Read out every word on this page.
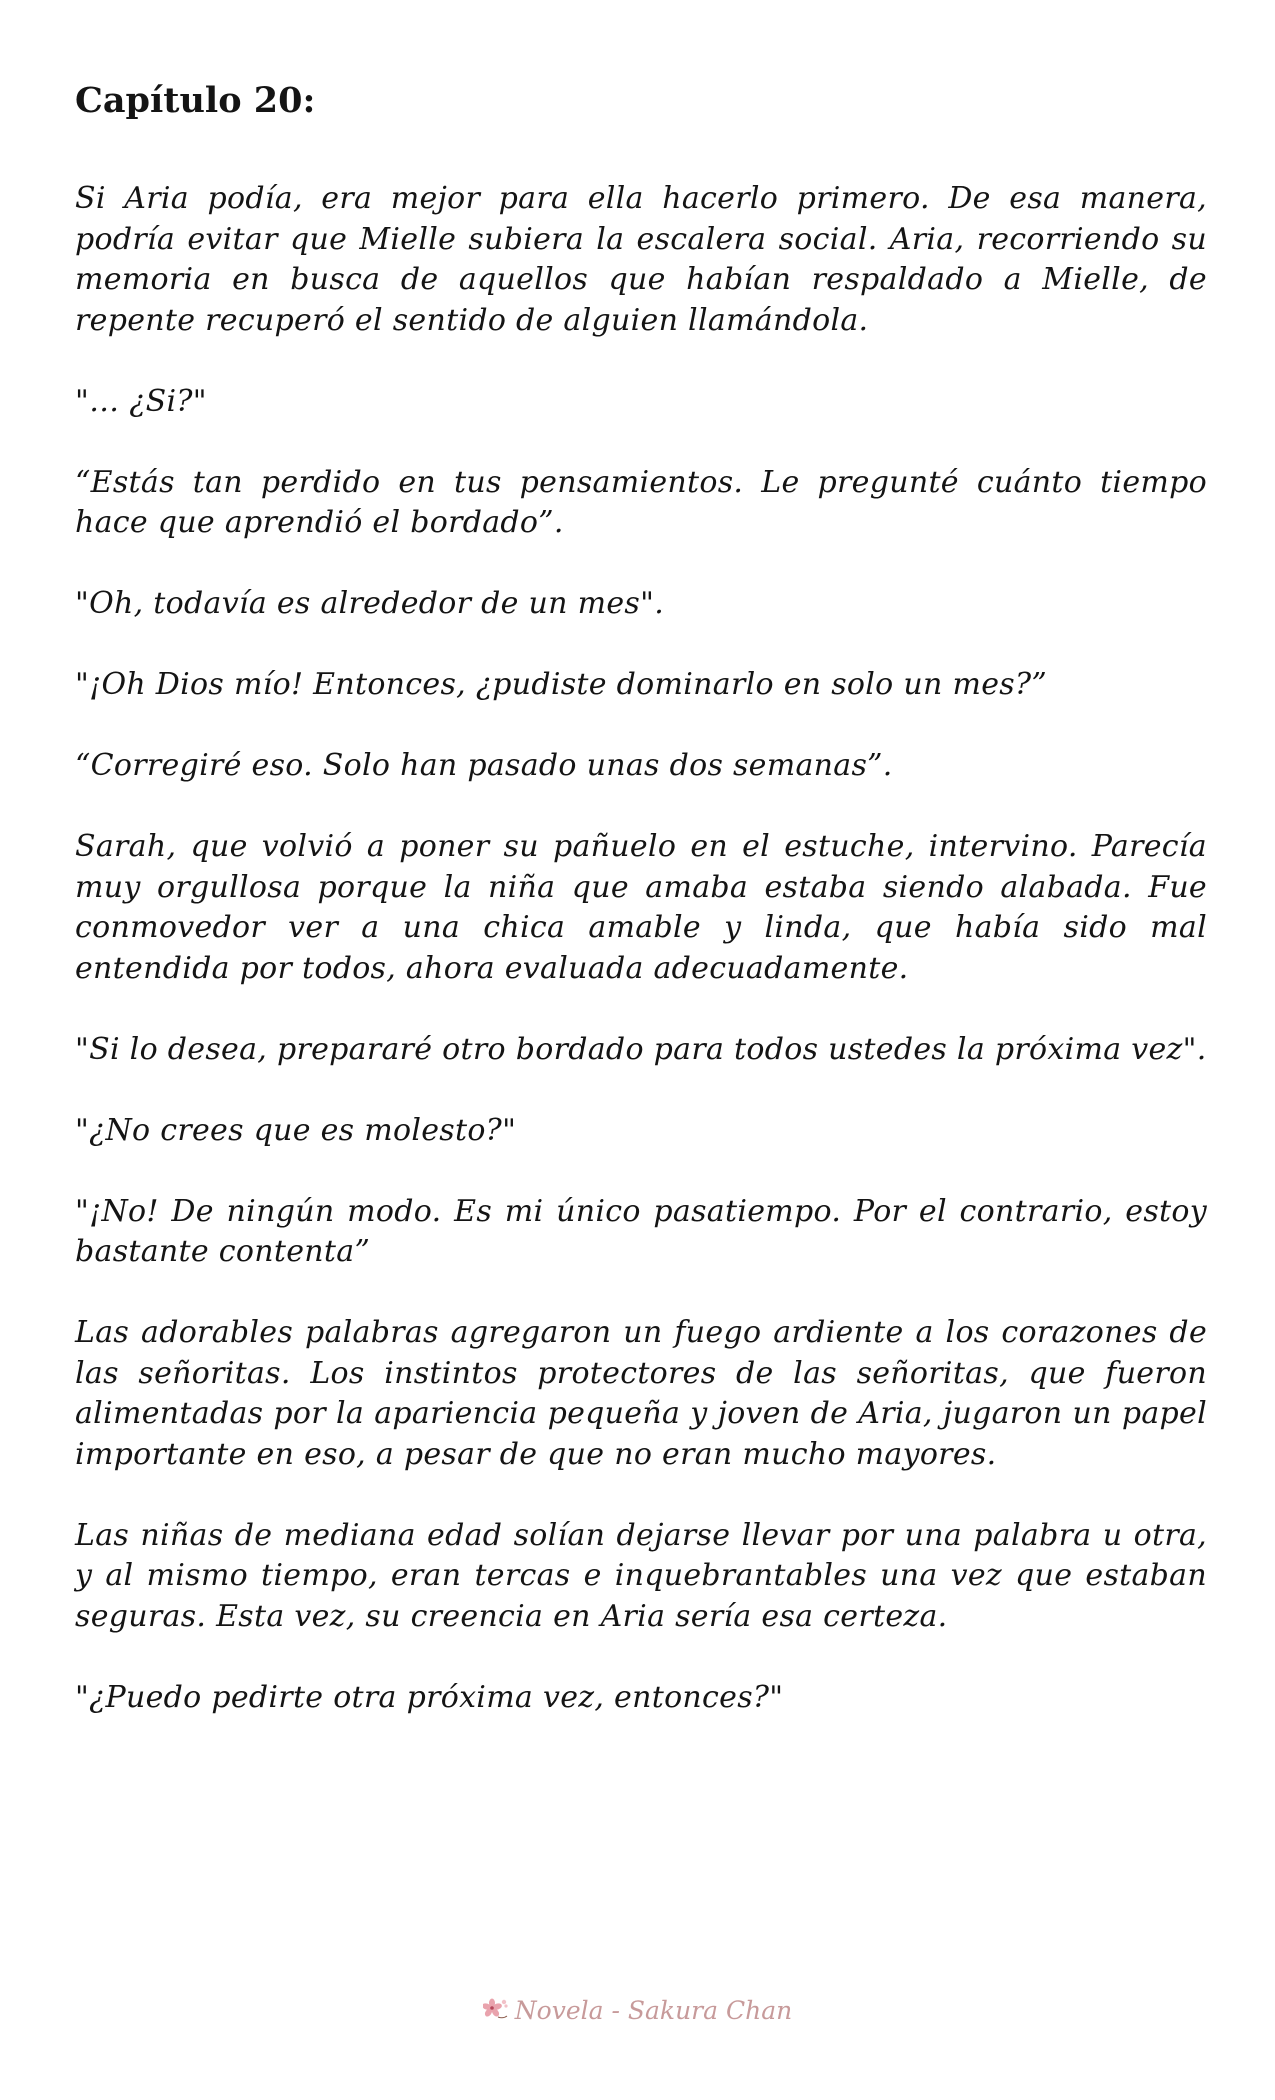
Capítulo 20:

Si Aria podía, era mejor para ella hacerlo primero. De esa manera, podría evitar que Mielle subiera la escalera social. Aria, recorriendo su memoria en busca de aquellos que habían respaldado a Mielle, de repente recuperó el sentido de alguien llamándola.

"… ¿Si?"

“Estás tan perdido en tus pensamientos. Le pregunté cuánto tiempo hace que aprendió el bordado”.

"Oh, todavía es alrededor de un mes".

"¡Oh Dios mío! Entonces, ¿pudiste dominarlo en solo un mes?”

“Corregiré eso. Solo han pasado unas dos semanas”.

Sarah, que volvió a poner su pañuelo en el estuche, intervino. Parecía muy orgullosa porque la niña que amaba estaba siendo alabada. Fue conmovedor ver a una chica amable y linda, que había sido mal entendida por todos, ahora evaluada adecuadamente.

"Si lo desea, prepararé otro bordado para todos ustedes la próxima vez".

"¿No crees que es molesto?"

"¡No! De ningún modo. Es mi único pasatiempo. Por el contrario, estoy bastante contenta”

Las adorables palabras agregaron un fuego ardiente a los corazones de las señoritas. Los instintos protectores de las señoritas, que fueron alimentadas por la apariencia pequeña y joven de Aria, jugaron un papel importante en eso, a pesar de que no eran mucho mayores.

Las niñas de mediana edad solían dejarse llevar por una palabra u otra, y al mismo tiempo, eran tercas e inquebrantables una vez que estaban seguras. Esta vez, su creencia en Aria sería esa certeza.

"¿Puedo pedirte otra próxima vez, entonces?"

Novela - Sakura Chan
